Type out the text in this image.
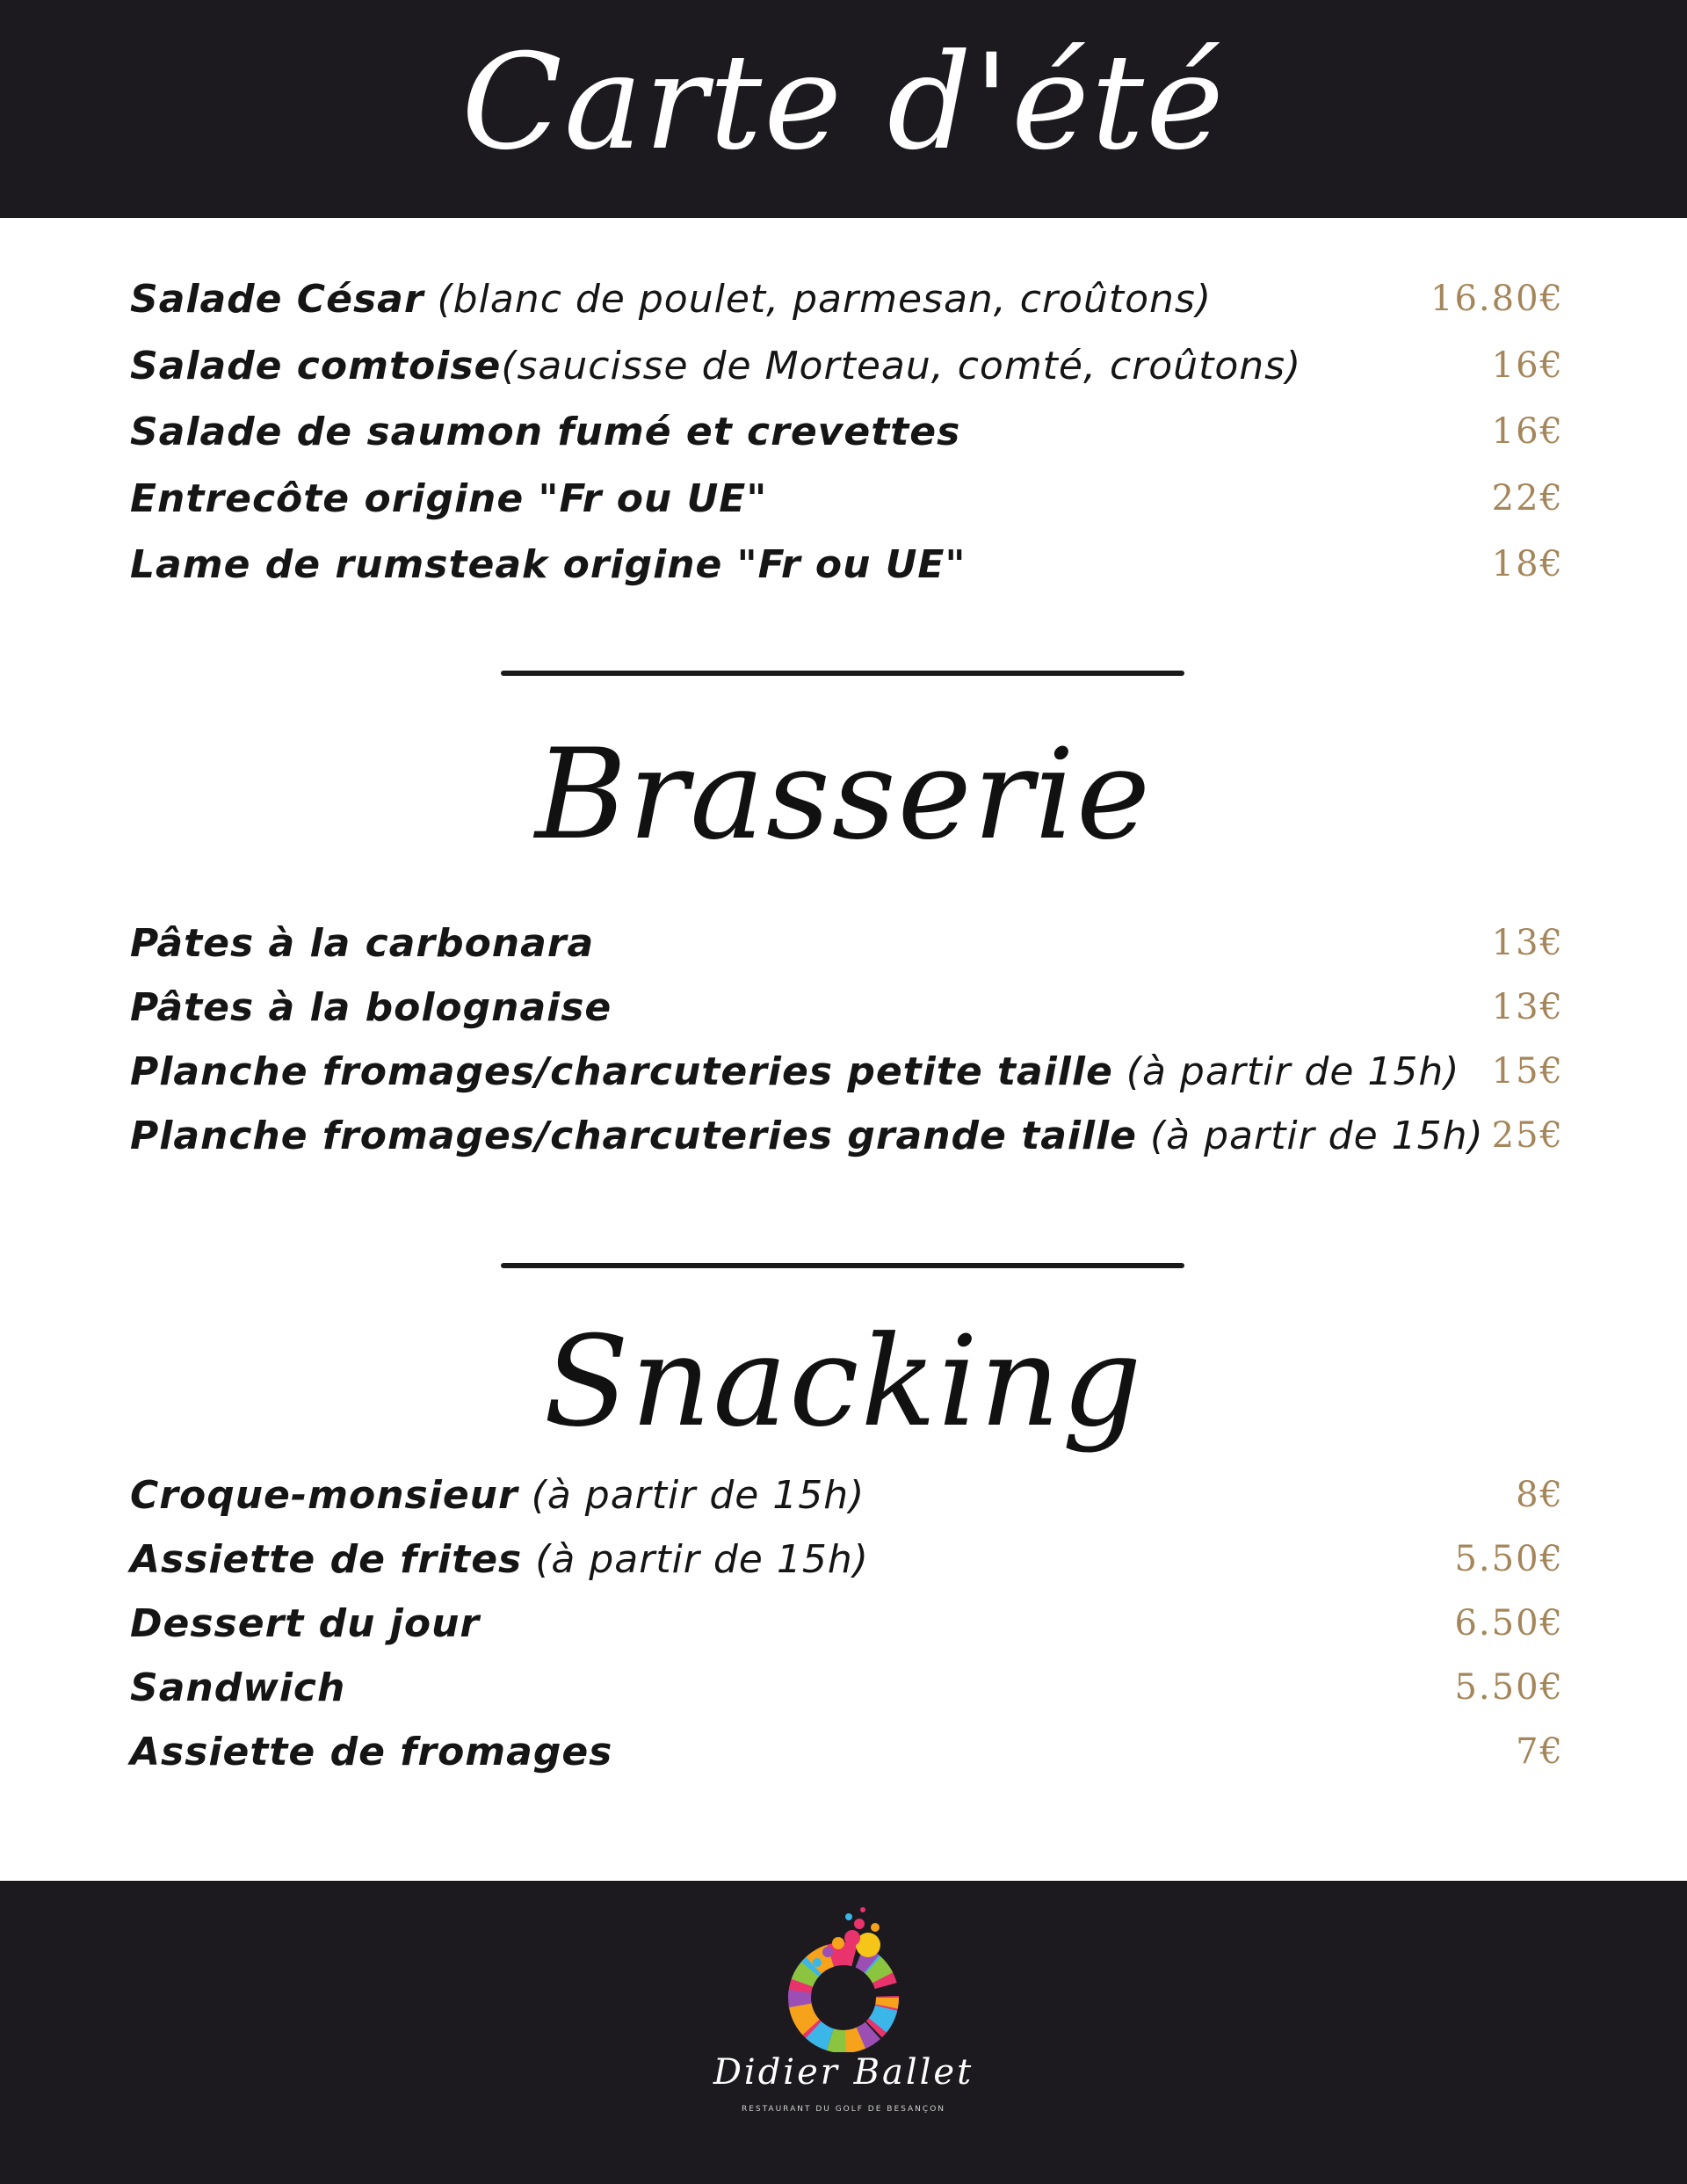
Carte d'été
Salade César (blanc de poulet, parmesan, croûtons)	16.80€
Salade comtoise(saucisse de Morteau, comté, croûtons)	16€
Salade de saumon fumé et crevettes	16€
Entrecôte origine "Fr ou UE"	22€
Lame de rumsteak origine "Fr ou UE"	18€
Brasserie
Pâtes à la carbonara	13€
Pâtes à la bolognaise	13€
Planche fromages/charcuteries petite taille (à partir de 15h) 15€
Planche fromages/charcuteries grande taille (à partir de 15h) 25€
Snacking
Croque-monsieur (à partir de 15h)	8€
Assiette de frites (à partir de 15h)	5.50€
Dessert du jour	6.50€
Sandwich	5.50€
Assiette de fromages	7€
Didier Ballet
RESTAURANT DU GOLF DE BESANÇON
